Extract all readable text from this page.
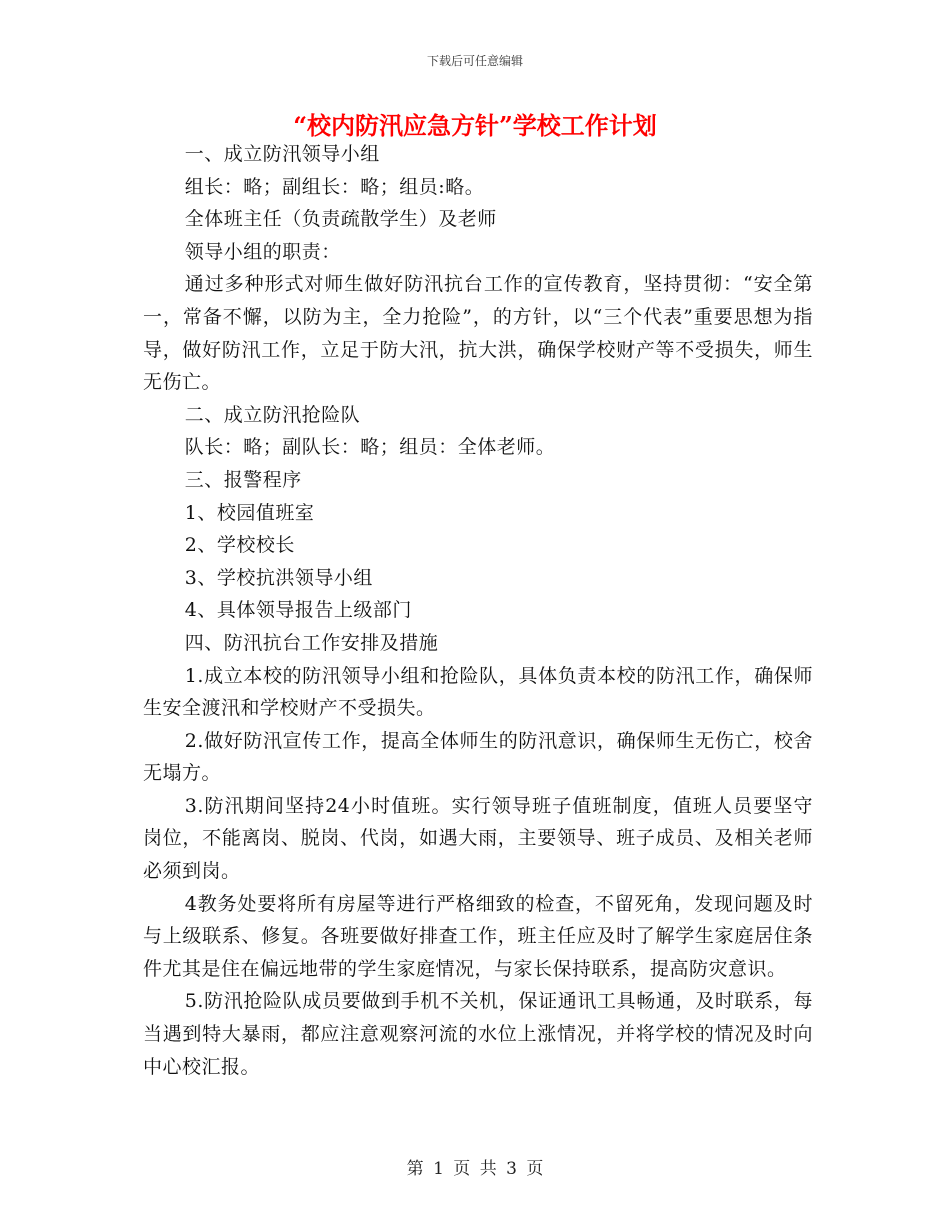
下载后可任意编辑
“校内防汛应急方针”学校工作计划

一、成立防汛领导小组

组长：略；副组长：略；组员:略。

全体班主任（负责疏散学生）及老师

领导小组的职责：

通过多种形式对师生做好防汛抗台工作的宣传教育，坚持贯彻：“安全第一，常备不懈，以防为主，全力抢险”，的方针，以“三个代表”重要思想为指导，做好防汛工作，立足于防大汛，抗大洪，确保学校财产等不受损失，师生无伤亡。

二、成立防汛抢险队

队长：略；副队长：略；组员：全体老师。

三、报警程序

1、校园值班室

2、学校校长

3、学校抗洪领导小组

4、具体领导报告上级部门

四、防汛抗台工作安排及措施

1.成立本校的防汛领导小组和抢险队，具体负责本校的防汛工作，确保师生安全渡汛和学校财产不受损失。

2.做好防汛宣传工作，提高全体师生的防汛意识，确保师生无伤亡，校舍无塌方。

3.防汛期间坚持24小时值班。实行领导班子值班制度，值班人员要坚守岗位，不能离岗、脱岗、代岗，如遇大雨，主要领导、班子成员、及相关老师必须到岗。

4教务处要将所有房屋等进行严格细致的检查，不留死角，发现问题及时与上级联系、修复。各班要做好排查工作，班主任应及时了解学生家庭居住条件尤其是住在偏远地带的学生家庭情况，与家长保持联系，提高防灾意识。

5.防汛抢险队成员要做到手机不关机，保证通讯工具畅通，及时联系，每当遇到特大暴雨，都应注意观察河流的水位上涨情况，并将学校的情况及时向中心校汇报。

第 1 页 共 3 页
